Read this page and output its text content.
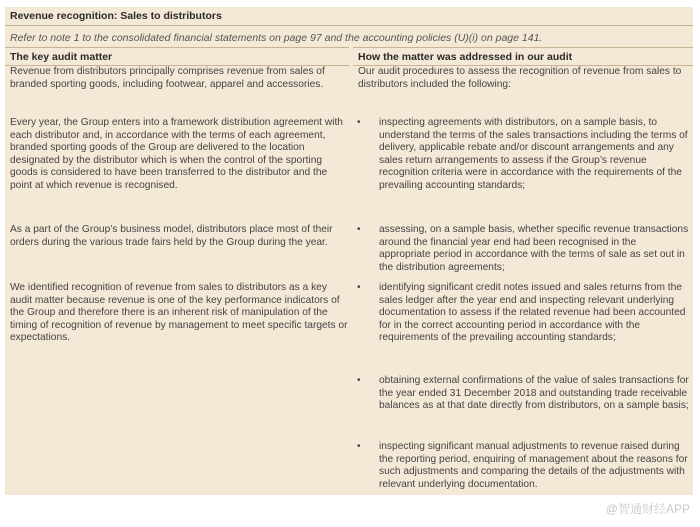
Revenue recognition: Sales to distributors
Refer to note 1 to the consolidated financial statements on page 97 and the accounting policies (U)(i) on page 141.
The key audit matter	How the matter was addressed in our audit
Revenue from distributors principally comprises revenue from sales of branded sporting goods, including footwear, apparel and accessories.
Every year, the Group enters into a framework distribution agreement with each distributor and, in accordance with the terms of each agreement, branded sporting goods of the Group are delivered to the location designated by the distributor which is when the control of the sporting goods is considered to have been transferred to the distributor and the point at which revenue is recognised.
As a part of the Group’s business model, distributors place most of their orders during the various trade fairs held by the Group during the year.
We identified recognition of revenue from sales to distributors as a key audit matter because revenue is one of the key performance indicators of the Group and therefore there is an inherent risk of manipulation of the timing of recognition of revenue by management to meet specific targets or expectations.
Our audit procedures to assess the recognition of revenue from sales to distributors included the following:
• inspecting agreements with distributors, on a sample basis, to understand the terms of the sales transactions including the terms of delivery, applicable rebate and/or discount arrangements and any sales return arrangements to assess if the Group’s revenue recognition criteria were in accordance with the requirements of the prevailing accounting standards;
• assessing, on a sample basis, whether specific revenue transactions around the financial year end had been recognised in the appropriate period in accordance with the terms of sale as set out in the distribution agreements;
• identifying significant credit notes issued and sales returns from the sales ledger after the year end and inspecting relevant underlying documentation to assess if the related revenue had been accounted for in the correct accounting period in accordance with the requirements of the prevailing accounting standards;
• obtaining external confirmations of the value of sales transactions for the year ended 31 December 2018 and outstanding trade receivable balances as at that date directly from distributors, on a sample basis;
• inspecting significant manual adjustments to revenue raised during the reporting period, enquiring of management about the reasons for such adjustments and comparing the details of the adjustments with relevant underlying documentation.
@智通财经APP
